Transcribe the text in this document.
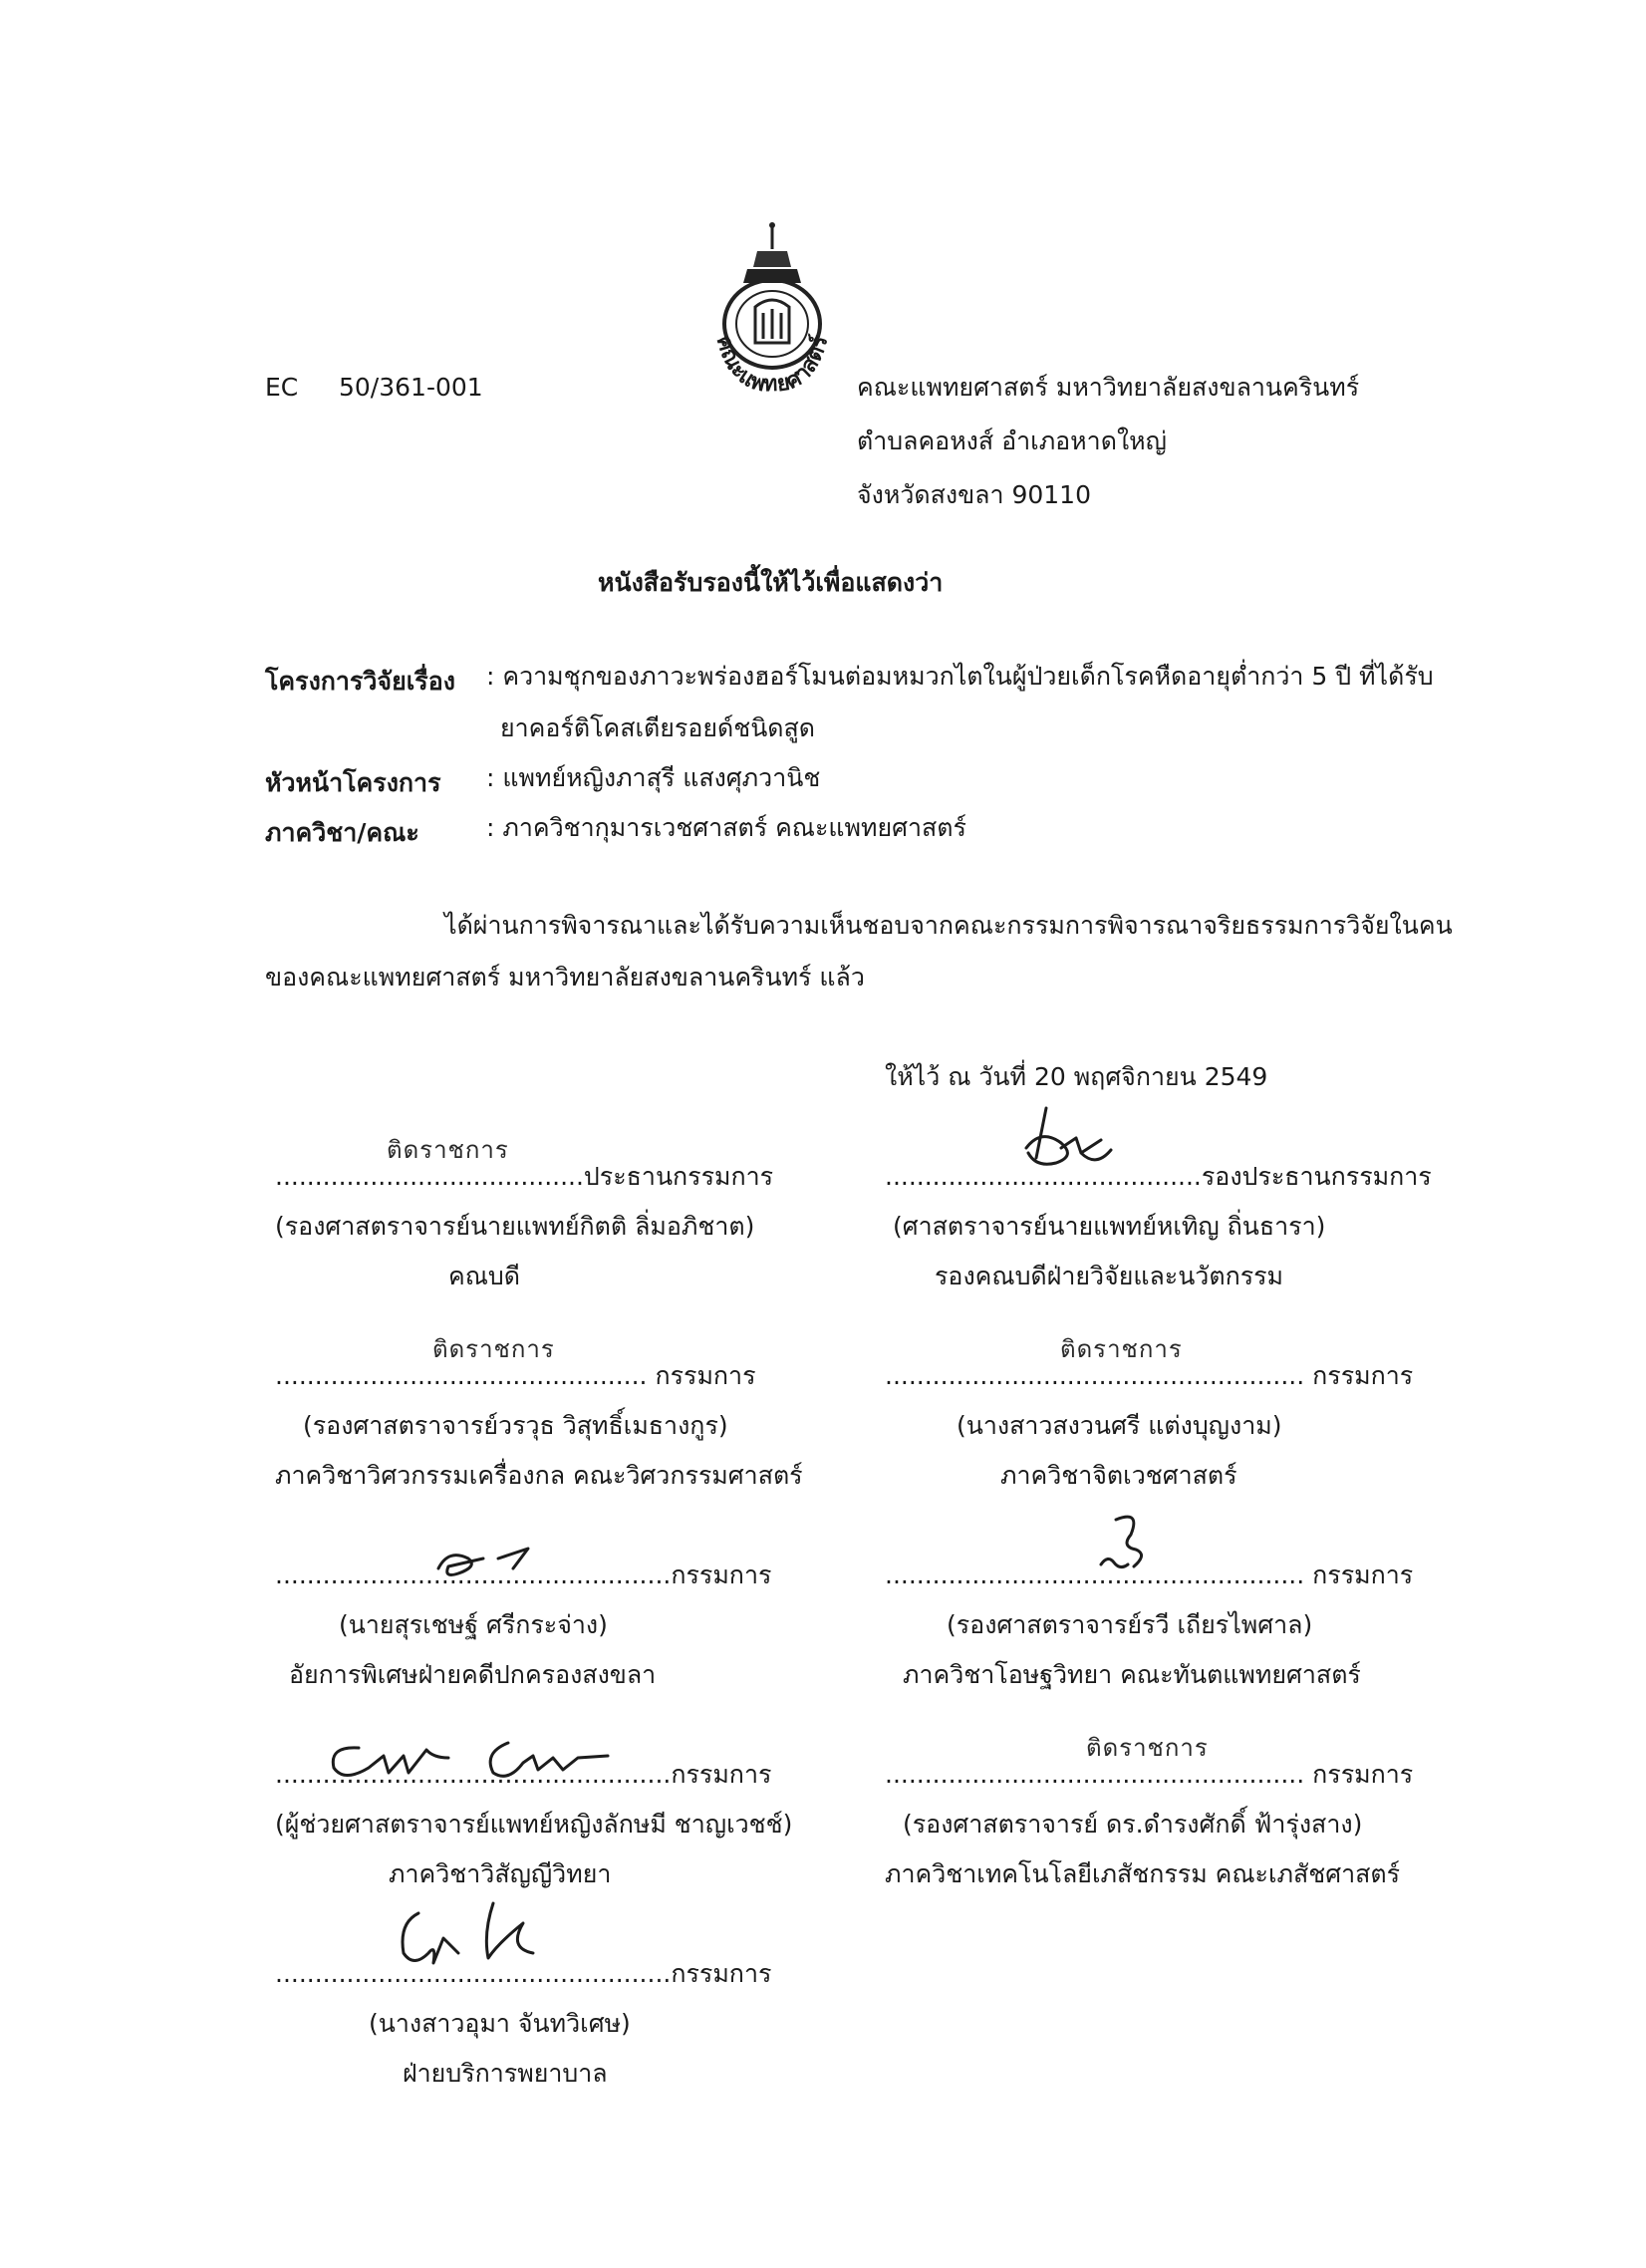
EC 50/361-001
คณะแพทยศาสตร์
คณะแพทยศาสตร์ มหาวิทยาลัยสงขลานครินทร์
ตำบลคอหงส์ อำเภอหาดใหญ่
จังหวัดสงขลา 90110
หนังสือรับรองนี้ให้ไว้เพื่อแสดงว่า
โครงการวิจัยเรื่อง : ความชุกของภาวะพร่องฮอร์โมนต่อมหมวกไตในผู้ป่วยเด็กโรคหืดอายุต่ำกว่า 5 ปี ที่ได้รับ
ยาคอร์ติโคสเตียรอยด์ชนิดสูด
หัวหน้าโครงการ : แพทย์หญิงภาสุรี แสงศุภวานิช
ภาควิชา/คณะ	: ภาควิชากุมารเวชศาสตร์ คณะแพทยศาสตร์
ได้ผ่านการพิจารณาและได้รับความเห็นชอบจากคณะกรรมการพิจารณาจริยธรรมการวิจัยในคน
ของคณะแพทยศาสตร์ มหาวิทยาลัยสงขลานครินทร์ แล้ว
ให้ไว้ ณ วันที่ 20 พฤศจิกายน 2549
ติดราชการ
.......................................ประธานกรรมการ
(รองศาสตราจารย์นายแพทย์กิตติ ลิ่มอภิชาต)
คณบดี
........................................รองประธานกรรมการ
(ศาสตราจารย์นายแพทย์หเทิญ ถิ่นธารา)
รองคณบดีฝ่ายวิจัยและนวัตกรรม
ติดราชการ
............................................... กรรมการ
(รองศาสตราจารย์วรวุธ วิสุทธิ์เมธางกูร)
ภาควิชาวิศวกรรมเครื่องกล คณะวิศวกรรมศาสตร์
ติดราชการ
..................................................... กรรมการ
(นางสาวสงวนศรี แต่งบุญงาม)
ภาควิชาจิตเวชศาสตร์
..................................................กรรมการ
(นายสุรเชษฐ์ ศรีกระจ่าง)
อัยการพิเศษฝ่ายคดีปกครองสงขลา
..................................................... กรรมการ
(รองศาสตราจารย์รวี เถียรไพศาล)
ภาควิชาโอษฐวิทยา คณะทันตแพทยศาสตร์
..................................................กรรมการ
(ผู้ช่วยศาสตราจารย์แพทย์หญิงลักษมี ชาญเวชช์)
ภาควิชาวิสัญญีวิทยา
ติดราชการ
..................................................... กรรมการ
(รองศาสตราจารย์ ดร.ดำรงศักดิ์ ฟ้ารุ่งสาง)
ภาควิชาเทคโนโลยีเภสัชกรรม คณะเภสัชศาสตร์
..................................................กรรมการ
(นางสาวอุมา จันทวิเศษ)
ฝ่ายบริการพยาบาล
